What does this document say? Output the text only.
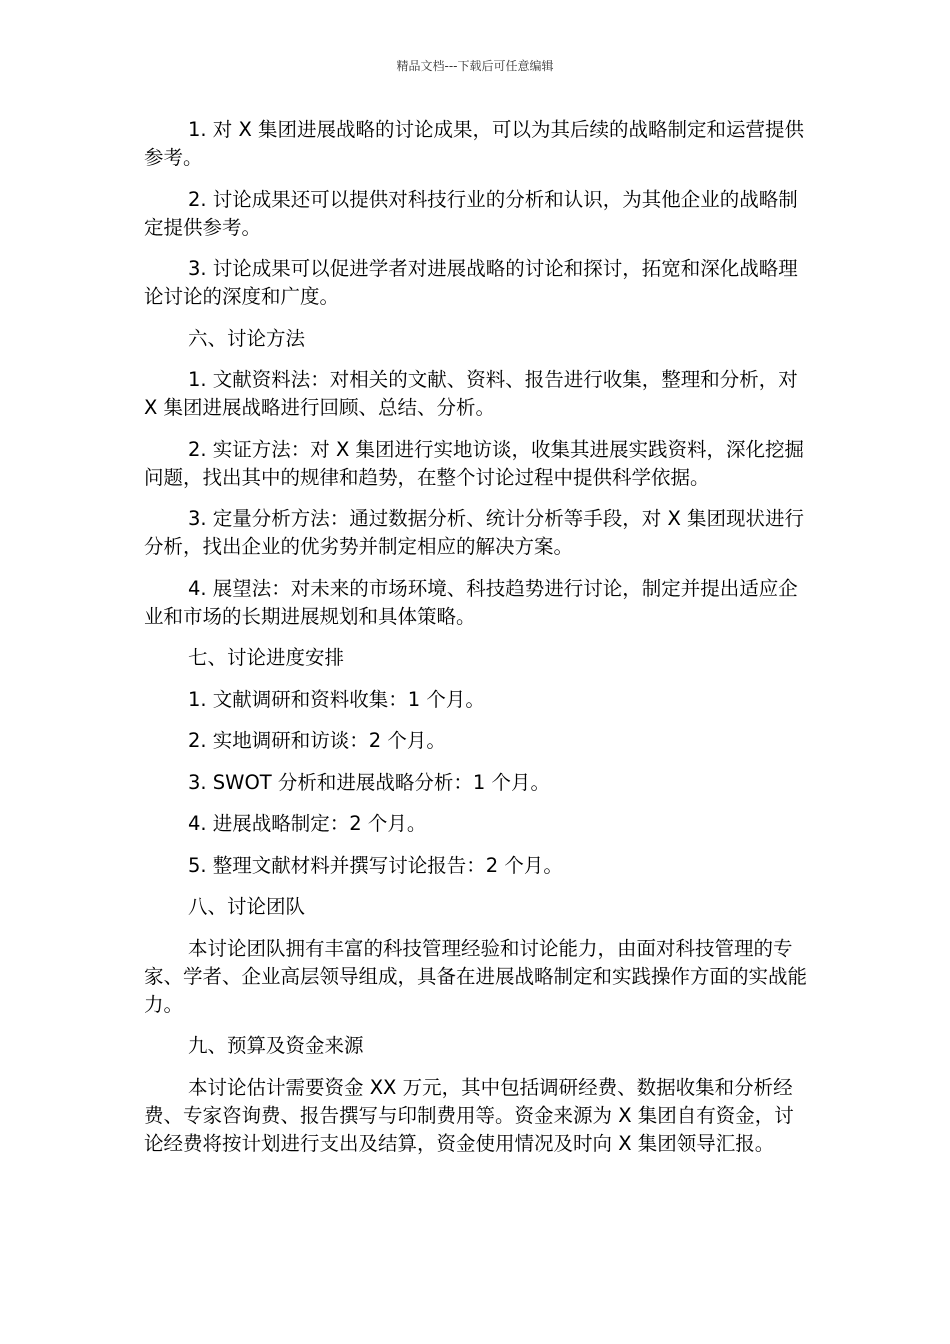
精品文档---下载后可任意编辑

1. 对 X 集团进展战略的讨论成果，可以为其后续的战略制定和运营提供参考。

2. 讨论成果还可以提供对科技行业的分析和认识，为其他企业的战略制定提供参考。

3. 讨论成果可以促进学者对进展战略的讨论和探讨，拓宽和深化战略理论讨论的深度和广度。

六、讨论方法

1. 文献资料法：对相关的文献、资料、报告进行收集，整理和分析，对 X 集团进展战略进行回顾、总结、分析。

2. 实证方法：对 X 集团进行实地访谈，收集其进展实践资料，深化挖掘问题，找出其中的规律和趋势，在整个讨论过程中提供科学依据。

3. 定量分析方法：通过数据分析、统计分析等手段，对 X 集团现状进行分析，找出企业的优劣势并制定相应的解决方案。

4. 展望法：对未来的市场环境、科技趋势进行讨论，制定并提出适应企业和市场的长期进展规划和具体策略。

七、讨论进度安排

1. 文献调研和资料收集：1 个月。

2. 实地调研和访谈：2 个月。

3. SWOT 分析和进展战略分析：1 个月。

4. 进展战略制定：2 个月。

5. 整理文献材料并撰写讨论报告：2 个月。

八、讨论团队

本讨论团队拥有丰富的科技管理经验和讨论能力，由面对科技管理的专家、学者、企业高层领导组成，具备在进展战略制定和实践操作方面的实战能力。

九、预算及资金来源

本讨论估计需要资金 XX 万元，其中包括调研经费、数据收集和分析经费、专家咨询费、报告撰写与印制费用等。资金来源为 X 集团自有资金，讨论经费将按计划进行支出及结算，资金使用情况及时向 X 集团领导汇报。
